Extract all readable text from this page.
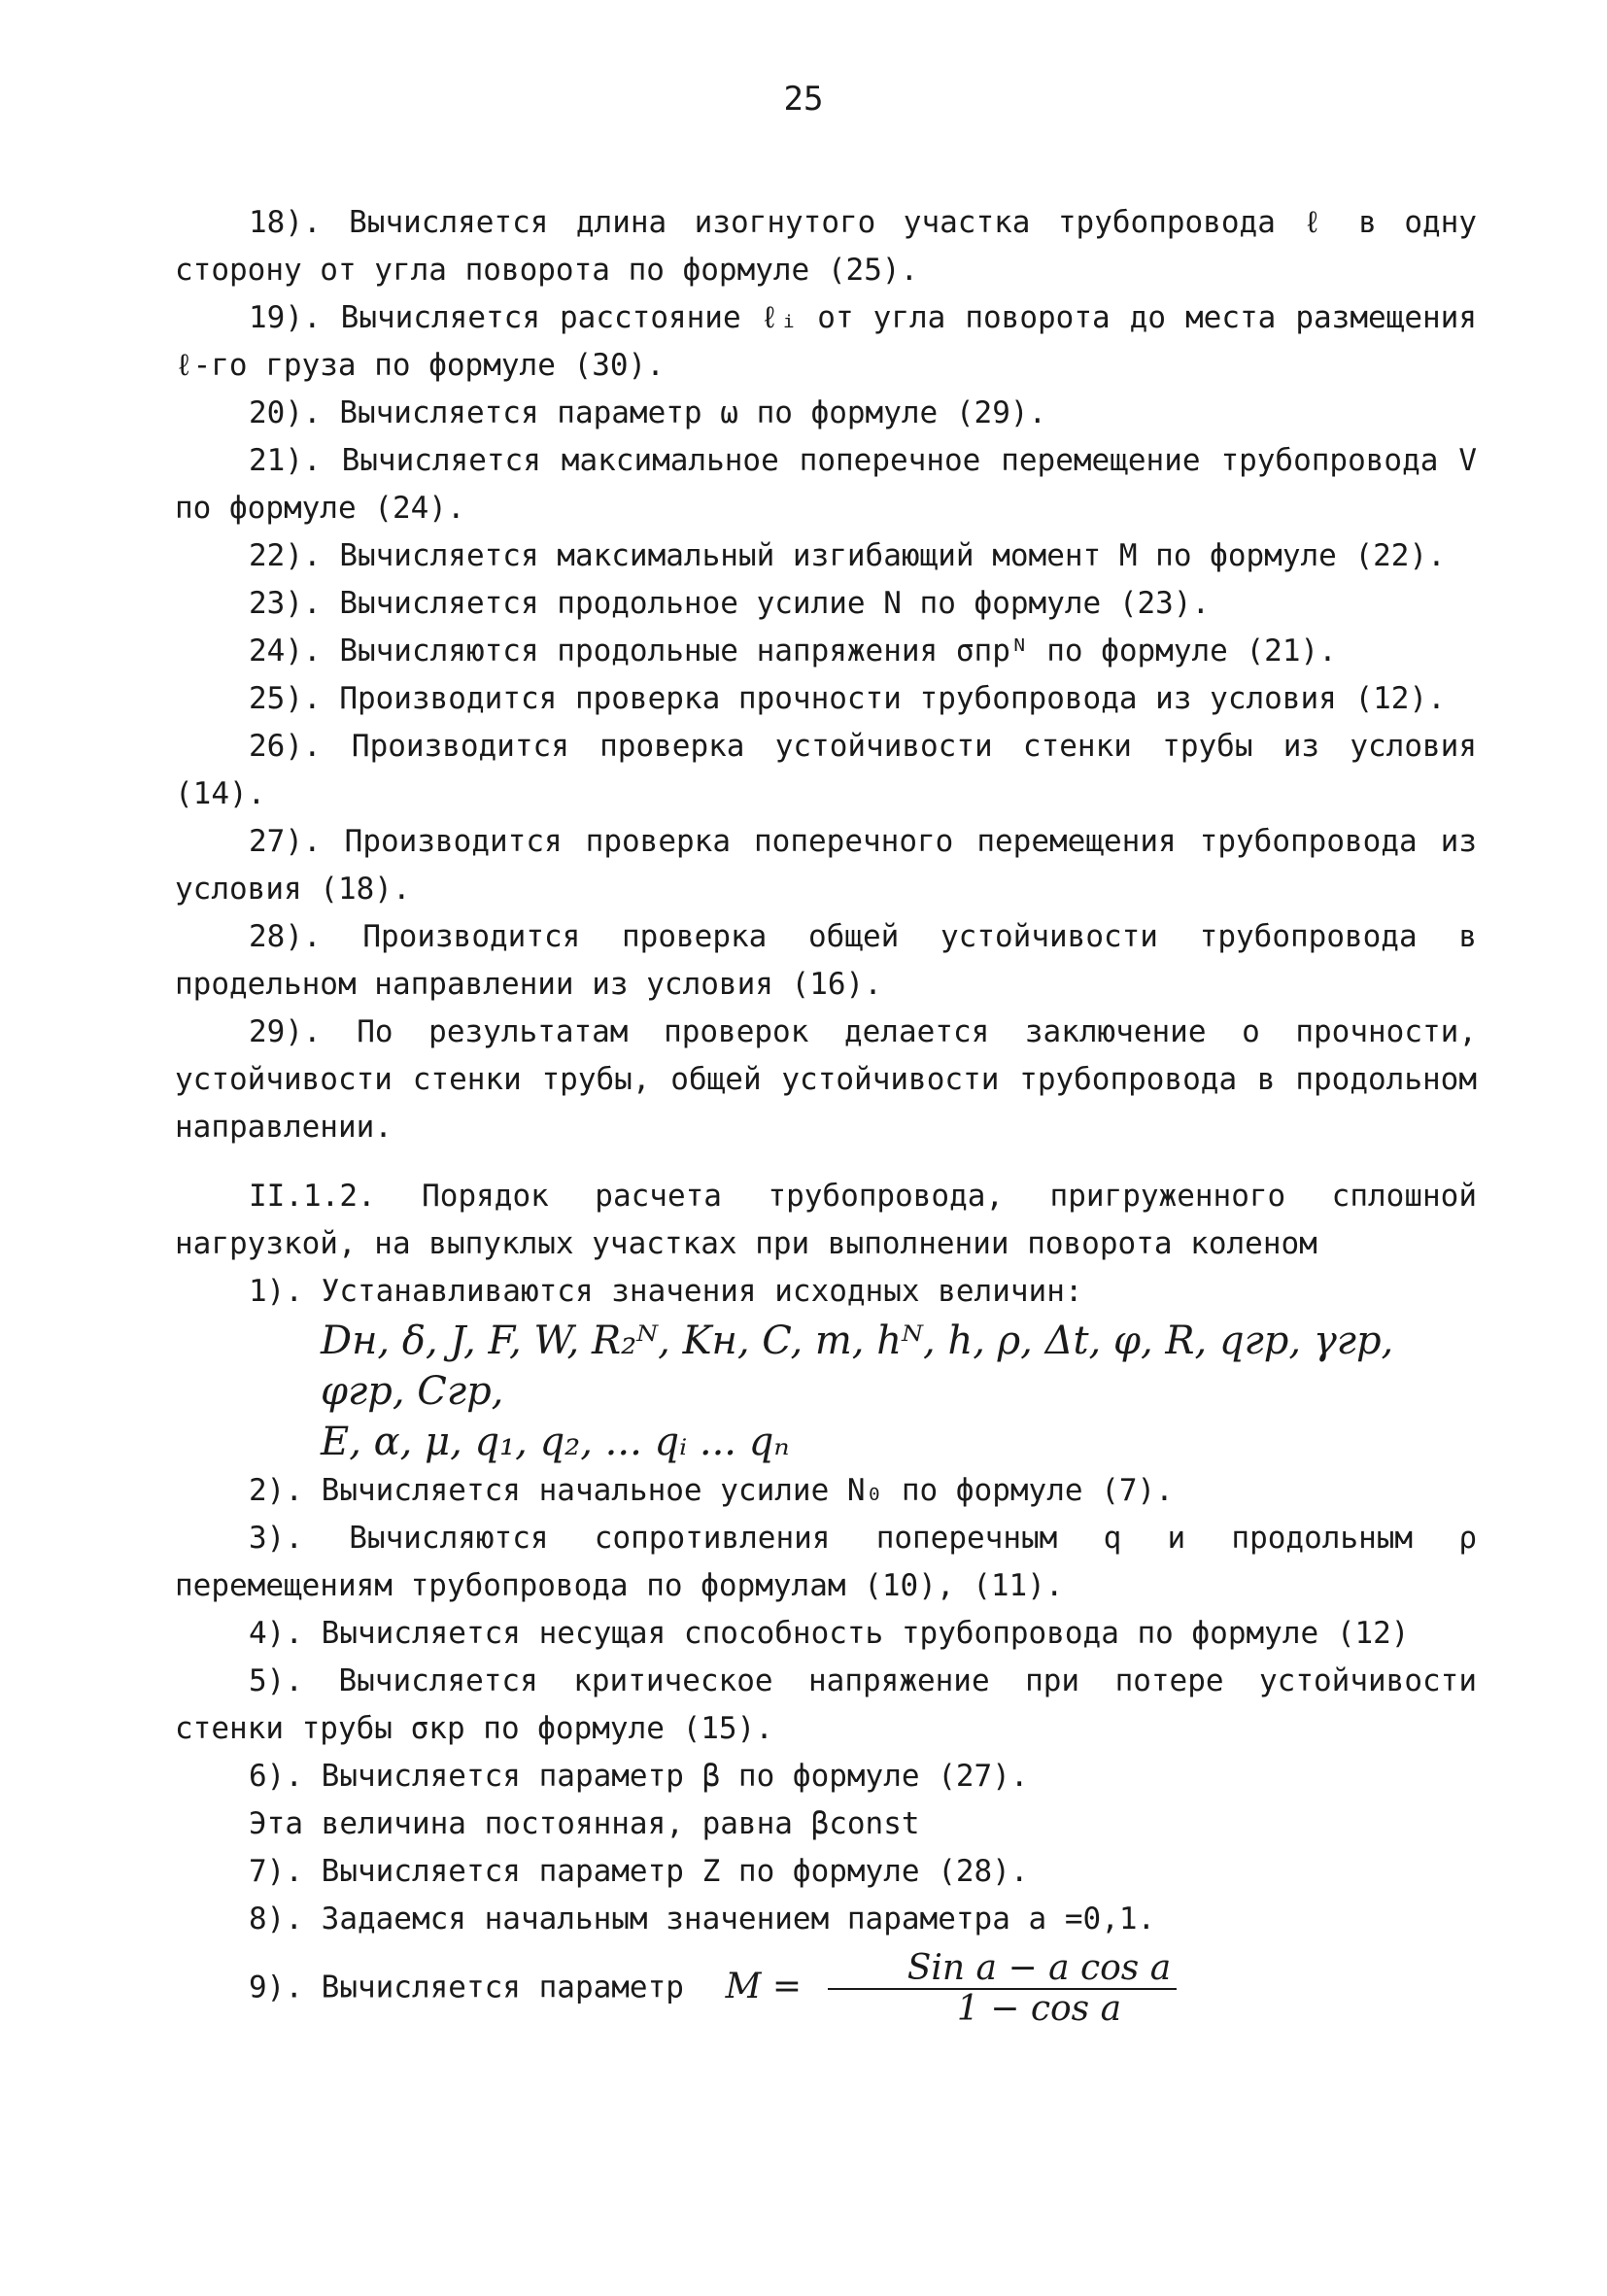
25

18). Вычисляется длина изогнутого участка трубопровода ℓ в одну сторону от угла поворота по формуле (25).

19). Вычисляется расстояние ℓᵢ от угла поворота до места размещения ℓ-го груза по формуле (30).

20). Вычисляется параметр ω по формуле (29).

21). Вычисляется максимальное поперечное перемещение трубопровода V по формуле (24).

22). Вычисляется максимальный изгибающий момент M по формуле (22).

23). Вычисляется продольное усилие N по формуле (23).

24). Вычисляются продольные напряжения σпрᴺ по формуле (21).

25). Производится проверка прочности трубопровода из условия (12).

26). Производится проверка устойчивости стенки трубы из условия (14).

27). Производится проверка поперечного перемещения трубопровода из условия (18).

28). Производится проверка общей устойчивости трубопровода в продельном направлении из условия (16).

29). По результатам проверок делается заключение о прочности, устойчивости стенки трубы, общей устойчивости трубопровода в продольном направлении.

II.1.2. Порядок расчета трубопровода, пригруженного сплошной нагрузкой, на выпуклых участках при выполнении поворота коленом

1). Устанавливаются значения исходных величин:

Dн, δ, J, F, W, R₂ᴺ, Kн, C, m, hᴺ, h, ρ, Δt, φ, R, qгр, γгр, φгр, Cгр,
E, α, μ, q₁, q₂, ... qᵢ ... qₙ

2). Вычисляется начальное усилие N₀ по формуле (7).

3). Вычисляются сопротивления поперечным q и продольным ρ перемещениям трубопровода по формулам (10), (11).

4). Вычисляется несущая способность трубопровода по формуле (12)

5). Вычисляется критическое напряжение при потере устойчивости стенки трубы σкр по формуле (15).

6). Вычисляется параметр β по формуле (27).

Эта величина постоянная, равна βconst

7). Вычисляется параметр Z по формуле (28).

8). Задаемся начальным значением параметра a =0,1.

9). Вычисляется параметр $M = \frac{\text{Sin a − a cos a}}{\text{1 − cos a}}$
